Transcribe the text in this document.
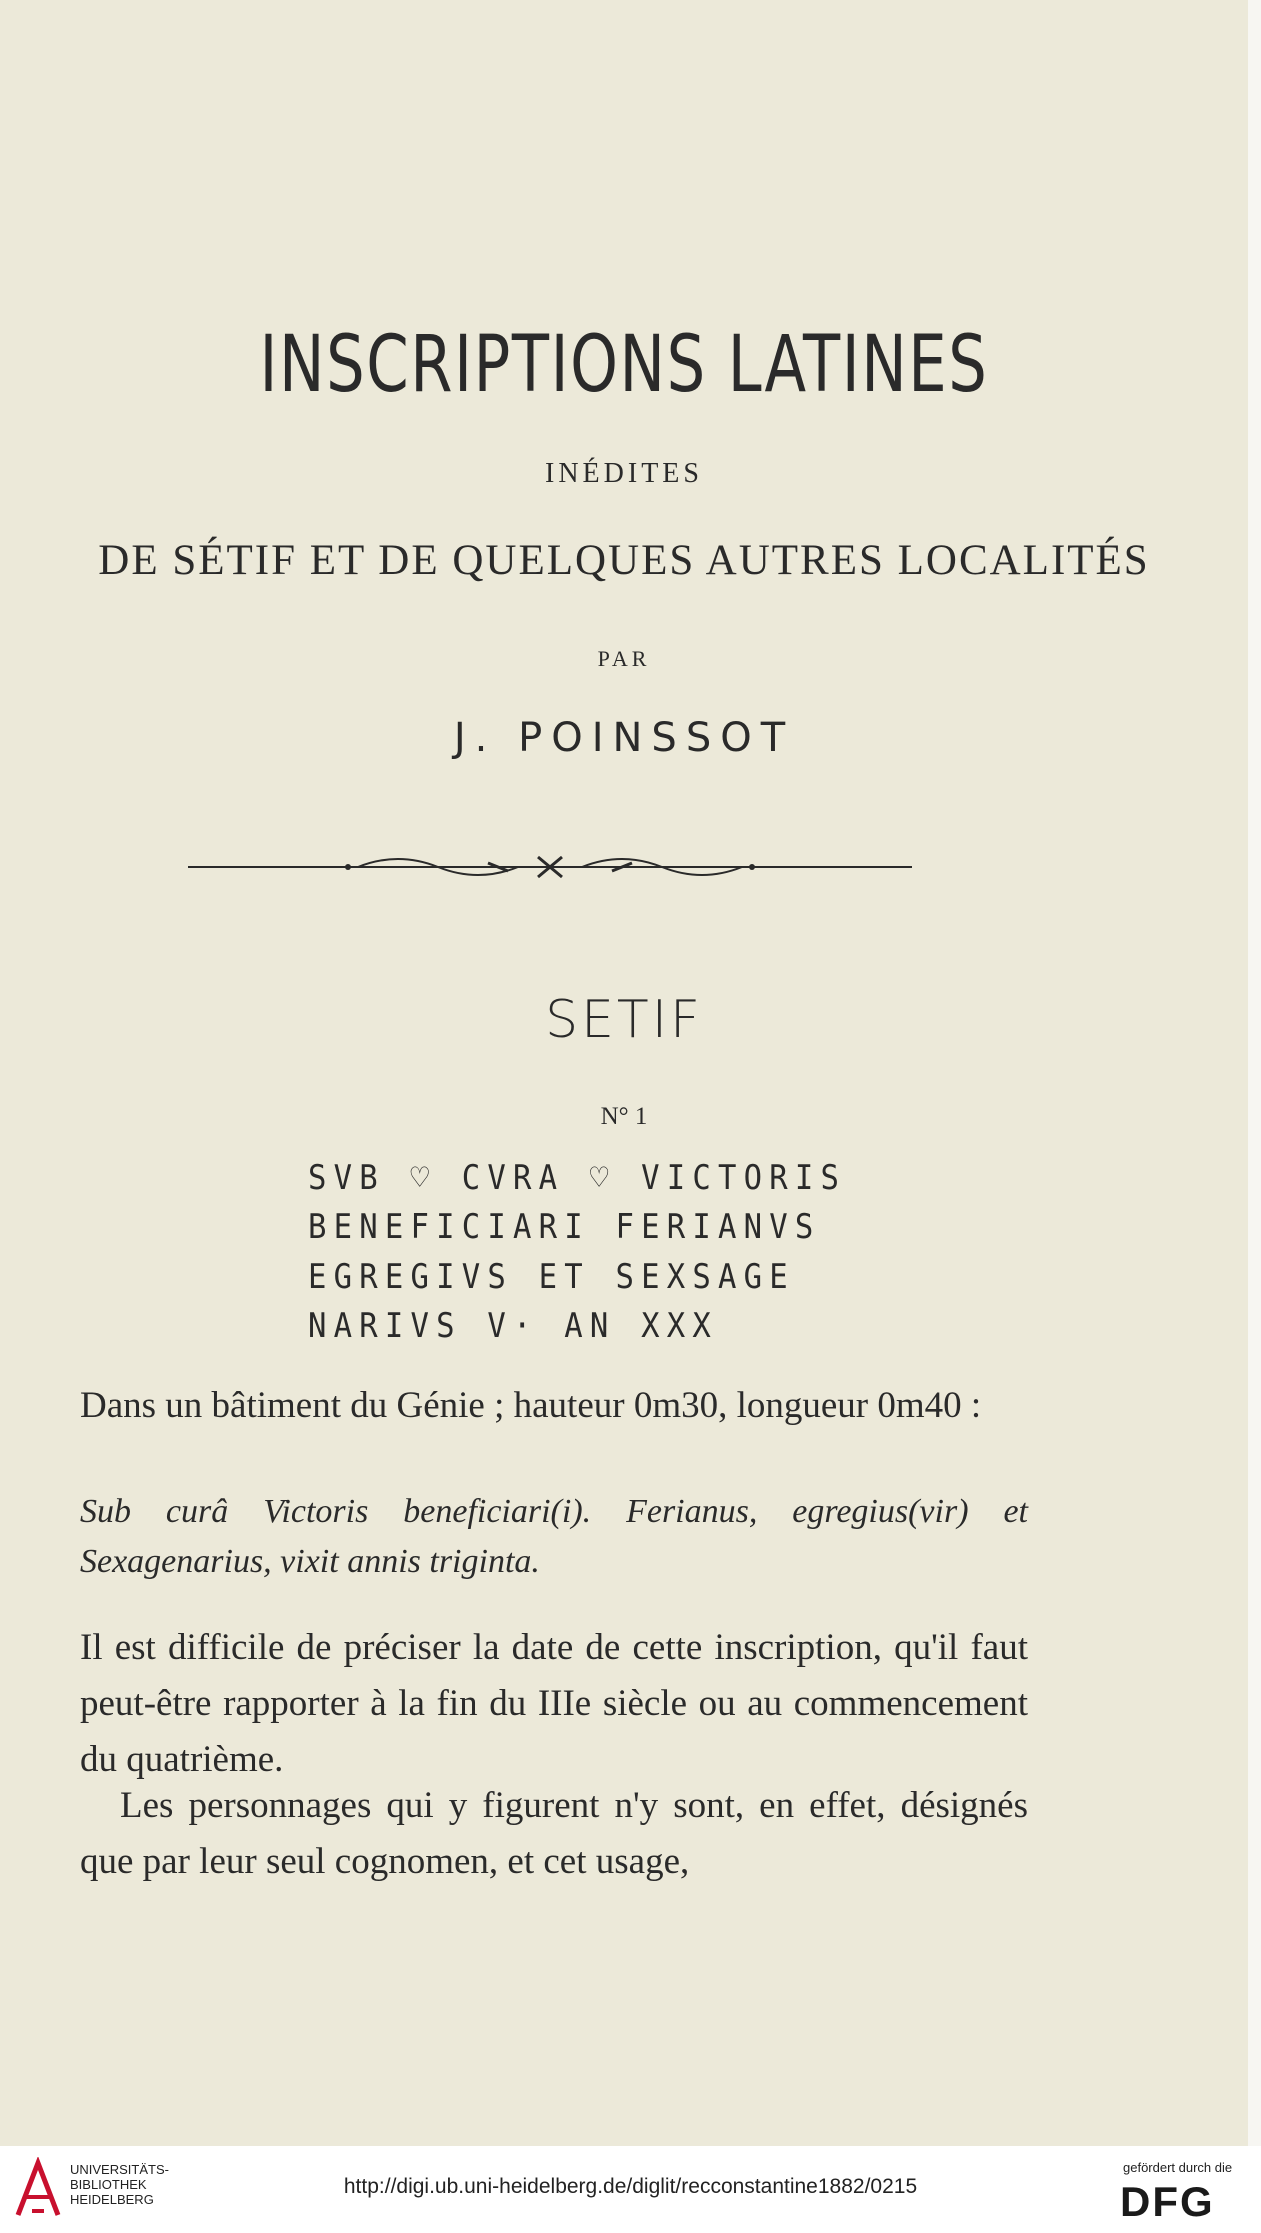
INSCRIPTIONS LATINES
INÉDITES
DE SÉTIF ET DE QUELQUES AUTRES LOCALITÉS
PAR
J. POINSSOT
SETIF
N° 1
SVB ♡ CVRA ♡ VICTORIS
BENEFICIARI FERIANVS
EGREGIVS ET SEXSAGE
NARIVS V· AN XXX
Dans un bâtiment du Génie ; hauteur 0m30, longueur 0m40 :
Sub curâ Victoris beneficiari(i). Ferianus, egregius(vir) et Sexagenarius, vixit annis triginta.
Il est difficile de préciser la date de cette inscription, qu'il faut peut-être rapporter à la fin du IIIe siècle ou au commencement du quatrième.
Les personnages qui y figurent n'y sont, en effet, désignés que par leur seul cognomen, et cet usage,
UNIVERSITÄTS-
BIBLIOTHEK
HEIDELBERG
http://digi.ub.uni-heidelberg.de/diglit/recconstantine1882/0215
gefördert durch die
DFG
